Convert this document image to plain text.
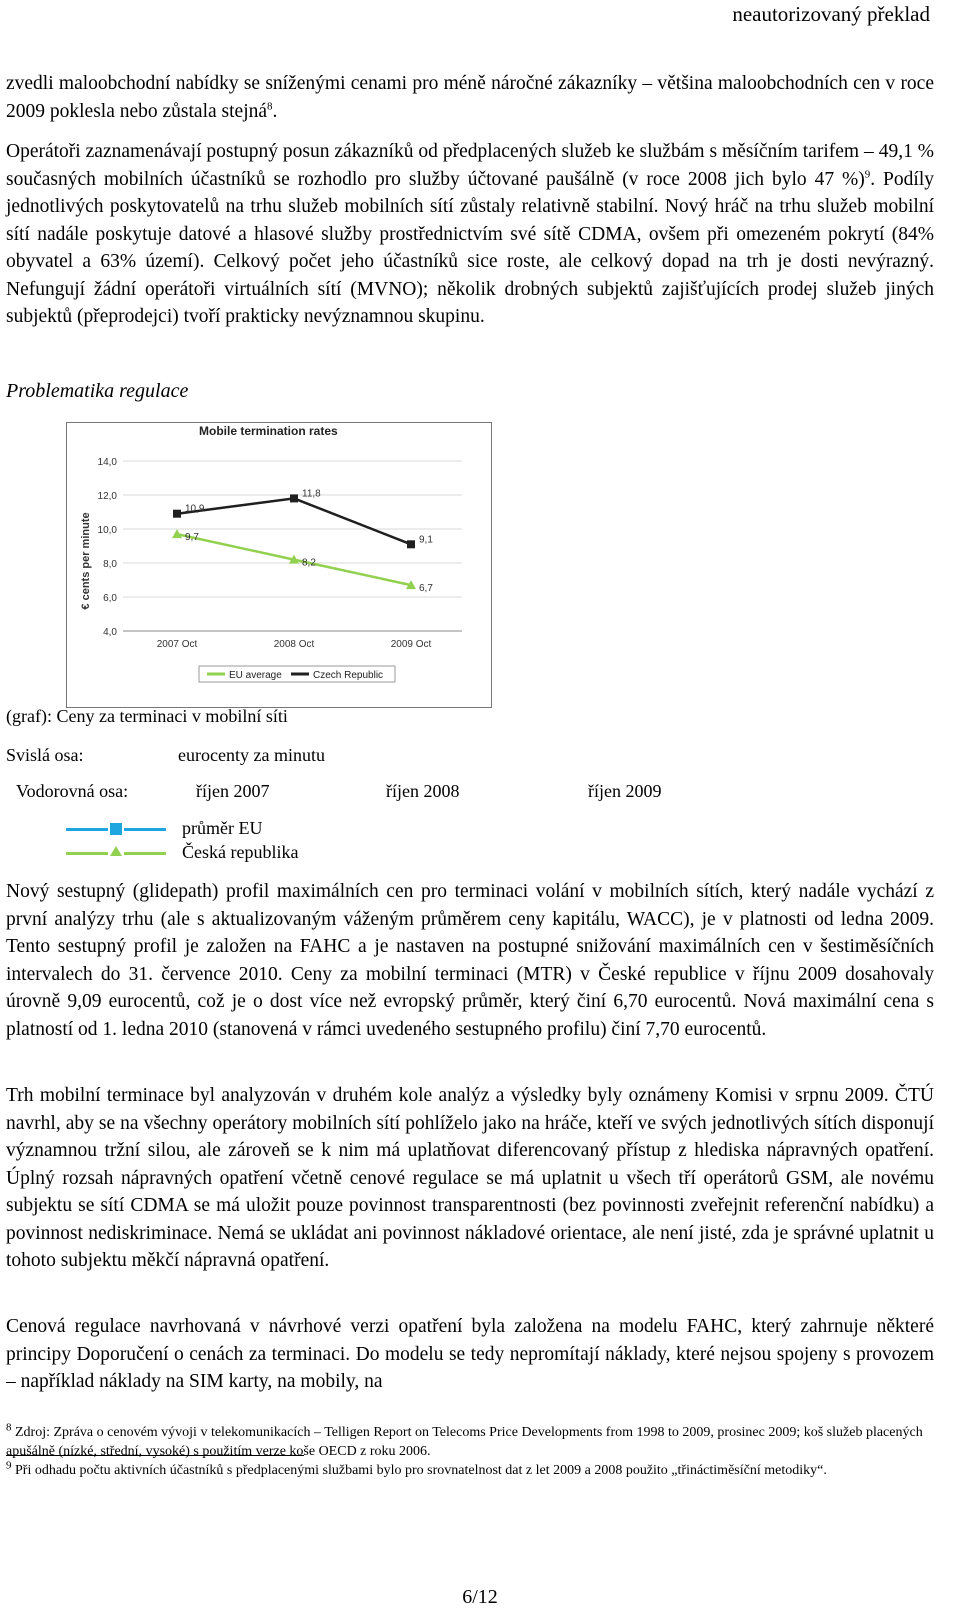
neautorizovaný překlad

zvedli maloobchodní nabídky se sníženými cenami pro méně náročné zákazníky – většina maloobchodních cen v roce 2009 poklesla nebo zůstala stejná$^8$.

Operátoři zaznamenávají postupný posun zákazníků od předplacených služeb ke službám s měsíčním tarifem – 49,1 % současných mobilních účastníků se rozhodlo pro služby účtované paušálně (v roce 2008 jich bylo 47 %)$^9$. Podíly jednotlivých poskytovatelů na trhu služeb mobilních sítí zůstaly relativně stabilní. Nový hráč na trhu služeb mobilní sítí nadále poskytuje datové a hlasové služby prostřednictvím své sítě CDMA, ovšem při omezeném pokrytí (84% obyvatel a 63% území). Celkový počet jeho účastníků sice roste, ale celkový dopad na trh je dosti nevýrazný. Nefungují žádní operátoři virtuálních sítí (MVNO); několik drobných subjektů zajišťujících prodej služeb jiných subjektů (přeprodejci) tvoří prakticky nevýznamnou skupinu.

Problematika regulace
Mobile termination rates
€ cents per minute
4,0
6,0
8,0
10,0
12,0
14,0
2007 Oct	2008 Oct	2009 Oct
9,7
8,2
6,7
10,9
11,8
9,1
EU average	Czech Republic
(graf): Ceny za terminaci v mobilní síti
Svislá osa:	eurocenty za minutu
Vodorovná osa:	říjen 2007	říjen 2008	říjen 2009
průměr EU
Česká republika

Nový sestupný (glidepath) profil maximálních cen pro terminaci volání v mobilních sítích, který nadále vychází z první analýzy trhu (ale s aktualizovaným váženým průměrem ceny kapitálu, WACC), je v platnosti od ledna 2009. Tento sestupný profil je založen na FAHC a je nastaven na postupné snižování maximálních cen v šestiměsíčních intervalech do 31. července 2010. Ceny za mobilní terminaci (MTR) v České republice v říjnu 2009 dosahovaly úrovně 9,09 eurocentů, což je o dost více než evropský průměr, který činí 6,70 eurocentů. Nová maximální cena s platností od 1. ledna 2010 (stanovená v rámci uvedeného sestupného profilu) činí 7,70 eurocentů.

Trh mobilní terminace byl analyzován v druhém kole analýz a výsledky byly oznámeny Komisi v srpnu 2009. ČTÚ navrhl, aby se na všechny operátory mobilních sítí pohlíželo jako na hráče, kteří ve svých jednotlivých sítích disponují významnou tržní silou, ale zároveň se k nim má uplatňovat diferencovaný přístup z hlediska nápravných opatření. Úplný rozsah nápravných opatření včetně cenové regulace se má uplatnit u všech tří operátorů GSM, ale novému subjektu se sítí CDMA se má uložit pouze povinnost transparentnosti (bez povinnosti zveřejnit referenční nabídku) a povinnost nediskriminace. Nemá se ukládat ani povinnost nákladové orientace, ale není jisté, zda je správné uplatnit u tohoto subjektu měkčí nápravná opatření.

Cenová regulace navrhovaná v návrhové verzi opatření byla založena na modelu FAHC, který zahrnuje některé principy Doporučení o cenách za terminaci. Do modelu se tedy nepromítají náklady, které nejsou spojeny s provozem – například náklady na SIM karty, na mobily, na

$^8$ Zdroj: Zpráva o cenovém vývoji v telekomunikacích – Telligen Report on Telecoms Price Developments from 1998 to 2009, prosinec 2009; koš služeb placených apušálně (nízké, střední, vysoké) s použitím verze koše OECD z roku 2006.

$^9$ Při odhadu počtu aktivních účastníků s předplacenými službami bylo pro srovnatelnost dat z let 2009 a 2008 použito „třináctiměsíční metodiky“.

6/12
